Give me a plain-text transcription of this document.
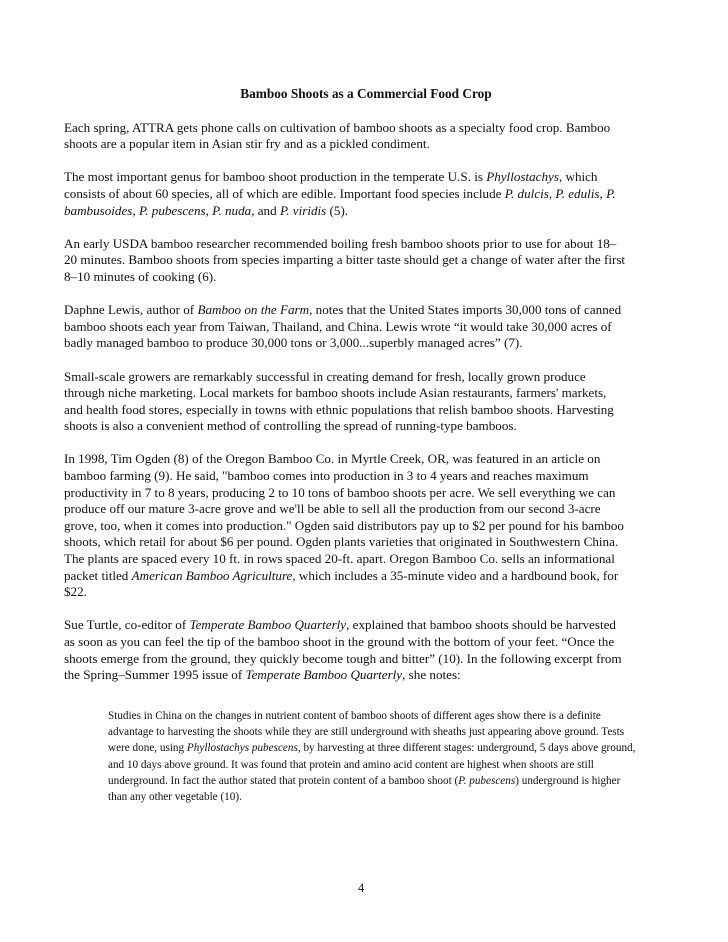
Bamboo Shoots as a Commercial Food Crop

Each spring, ATTRA gets phone calls on cultivation of bamboo shoots as a specialty food crop. Bamboo shoots are a popular item in Asian stir fry and as a pickled condiment.

The most important genus for bamboo shoot production in the temperate U.S. is Phyllostachys, which consists of about 60 species, all of which are edible. Important food species include P. dulcis, P. edulis, P. bambusoides, P. pubescens, P. nuda, and P. viridis (5).

An early USDA bamboo researcher recommended boiling fresh bamboo shoots prior to use for about 18–20 minutes. Bamboo shoots from species imparting a bitter taste should get a change of water after the first 8–10 minutes of cooking (6).

Daphne Lewis, author of Bamboo on the Farm, notes that the United States imports 30,000 tons of canned bamboo shoots each year from Taiwan, Thailand, and China. Lewis wrote “it would take 30,000 acres of badly managed bamboo to produce 30,000 tons or 3,000...superbly managed acres” (7).

Small-scale growers are remarkably successful in creating demand for fresh, locally grown produce through niche marketing. Local markets for bamboo shoots include Asian restaurants, farmers' markets, and health food stores, especially in towns with ethnic populations that relish bamboo shoots. Harvesting shoots is also a convenient method of controlling the spread of running-type bamboos.

In 1998, Tim Ogden (8) of the Oregon Bamboo Co. in Myrtle Creek, OR, was featured in an article on bamboo farming (9). He said, "bamboo comes into production in 3 to 4 years and reaches maximum productivity in 7 to 8 years, producing 2 to 10 tons of bamboo shoots per acre. We sell everything we can produce off our mature 3-acre grove and we'll be able to sell all the production from our second 3-acre grove, too, when it comes into production." Ogden said distributors pay up to $2 per pound for his bamboo shoots, which retail for about $6 per pound. Ogden plants varieties that originated in Southwestern China. The plants are spaced every 10 ft. in rows spaced 20-ft. apart. Oregon Bamboo Co. sells an informational packet titled American Bamboo Agriculture, which includes a 35-minute video and a hardbound book, for $22.

Sue Turtle, co-editor of Temperate Bamboo Quarterly, explained that bamboo shoots should be harvested as soon as you can feel the tip of the bamboo shoot in the ground with the bottom of your feet. “Once the shoots emerge from the ground, they quickly become tough and bitter” (10). In the following excerpt from the Spring–Summer 1995 issue of Temperate Bamboo Quarterly, she notes:

Studies in China on the changes in nutrient content of bamboo shoots of different ages show there is a definite advantage to harvesting the shoots while they are still underground with sheaths just appearing above ground. Tests were done, using Phyllostachys pubescens, by harvesting at three different stages: underground, 5 days above ground, and 10 days above ground. It was found that protein and amino acid content are highest when shoots are still underground. In fact the author stated that protein content of a bamboo shoot (P. pubescens) underground is higher than any other vegetable (10).
4
